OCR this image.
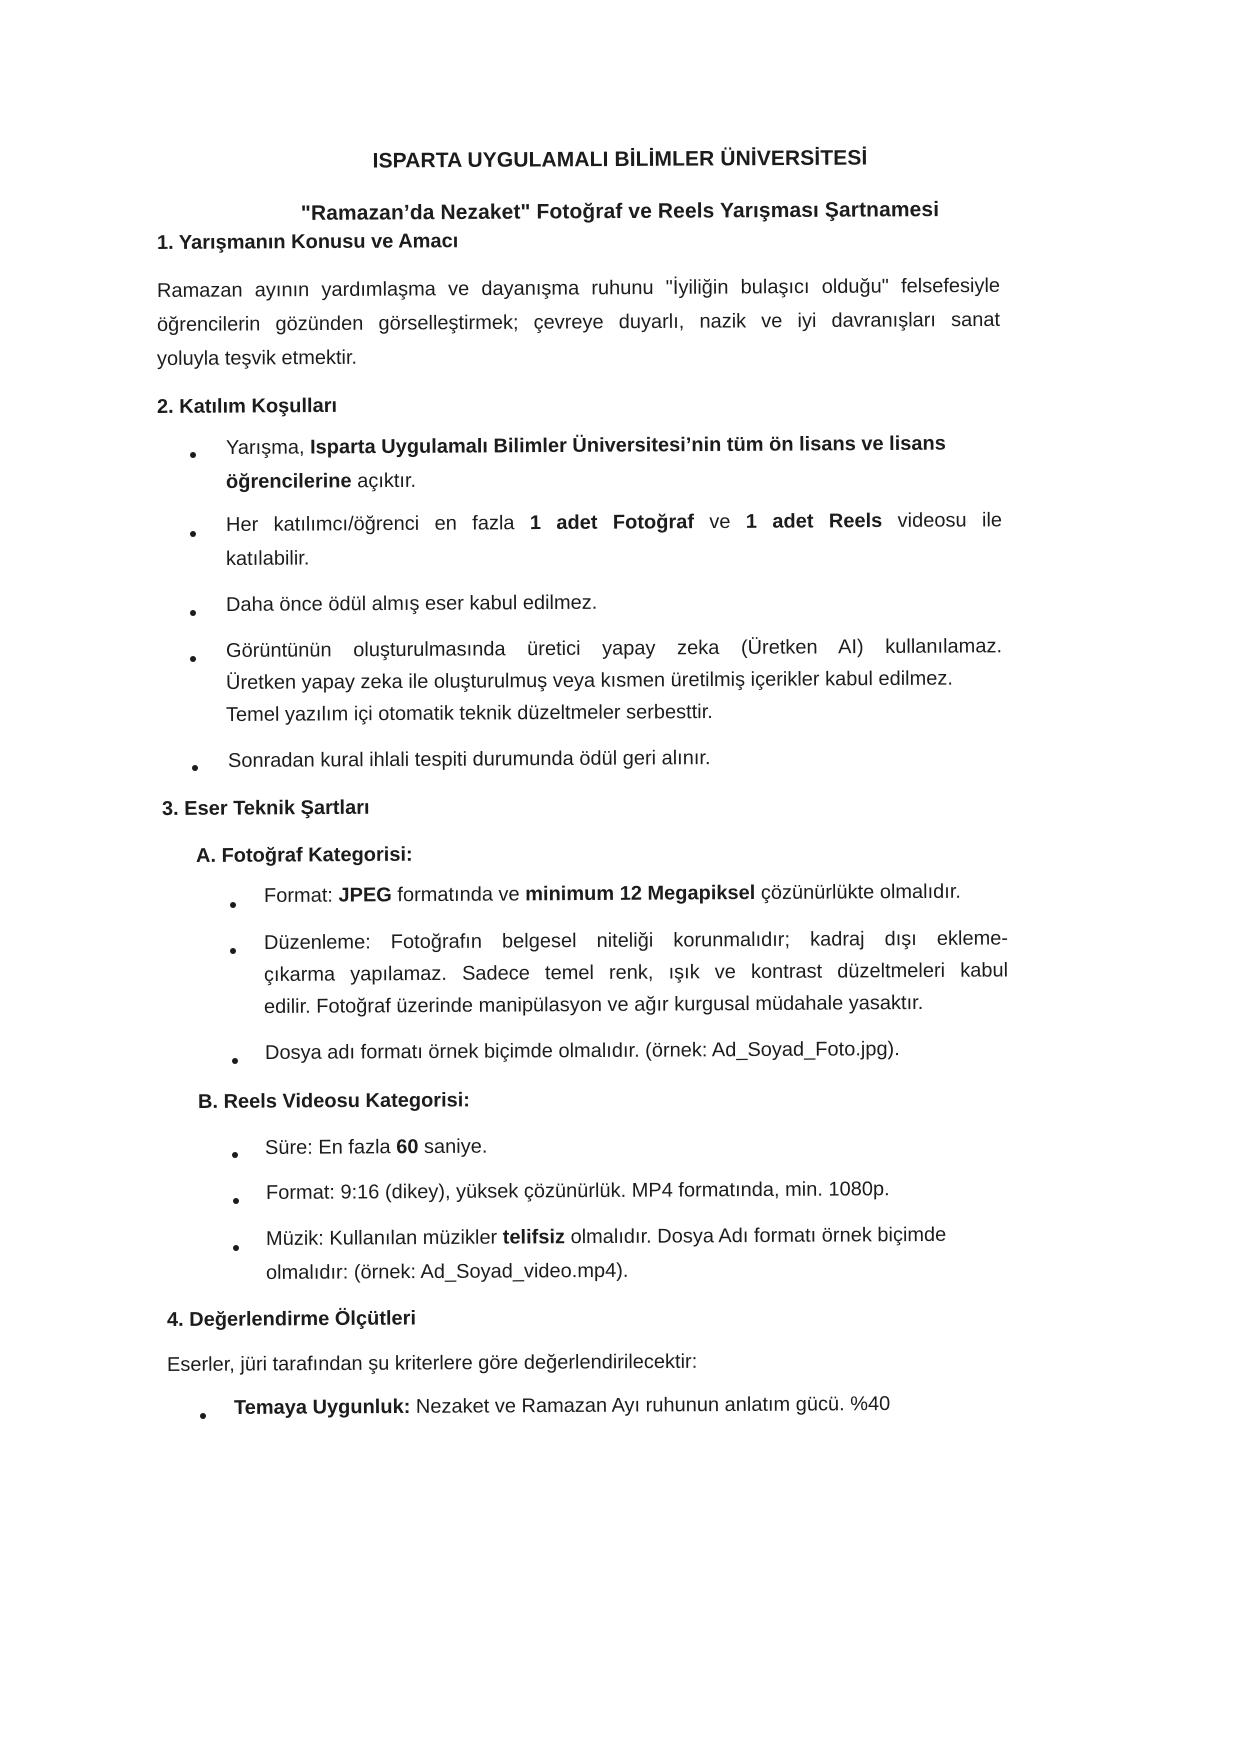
ISPARTA UYGULAMALI BİLİMLER ÜNİVERSİTESİ
"Ramazan’da Nezaket" Fotoğraf ve Reels Yarışması Şartnamesi
1. Yarışmanın Konusu ve Amacı
Ramazan ayının yardımlaşma ve dayanışma ruhunu "İyiliğin bulaşıcı olduğu" felsefesiyle
öğrencilerin gözünden görselleştirmek; çevreye duyarlı, nazik ve iyi davranışları sanat
yoluyla teşvik etmektir.
2. Katılım Koşulları
Yarışma, Isparta Uygulamalı Bilimler Üniversitesi’nin tüm ön lisans ve lisans
öğrencilerine açıktır.
Her katılımcı/öğrenci en fazla 1 adet Fotoğraf ve 1 adet Reels videosu ile
katılabilir.
Daha önce ödül almış eser kabul edilmez.
Görüntünün oluşturulmasında üretici yapay zeka (Üretken AI) kullanılamaz.
Üretken yapay zeka ile oluşturulmuş veya kısmen üretilmiş içerikler kabul edilmez.
Temel yazılım içi otomatik teknik düzeltmeler serbesttir.
Sonradan kural ihlali tespiti durumunda ödül geri alınır.
3. Eser Teknik Şartları
A. Fotoğraf Kategorisi:
Format: JPEG formatında ve minimum 12 Megapiksel çözünürlükte olmalıdır.
Düzenleme: Fotoğrafın belgesel niteliği korunmalıdır; kadraj dışı ekleme-
çıkarma yapılamaz. Sadece temel renk, ışık ve kontrast düzeltmeleri kabul
edilir. Fotoğraf üzerinde manipülasyon ve ağır kurgusal müdahale yasaktır.
Dosya adı formatı örnek biçimde olmalıdır. (örnek: Ad_Soyad_Foto.jpg).
B. Reels Videosu Kategorisi:
Süre: En fazla 60 saniye.
Format: 9:16 (dikey), yüksek çözünürlük. MP4 formatında, min. 1080p.
Müzik: Kullanılan müzikler telifsiz olmalıdır. Dosya Adı formatı örnek biçimde
olmalıdır: (örnek: Ad_Soyad_video.mp4).
4. Değerlendirme Ölçütleri
Eserler, jüri tarafından şu kriterlere göre değerlendirilecektir:
Temaya Uygunluk: Nezaket ve Ramazan Ayı ruhunun anlatım gücü. %40
